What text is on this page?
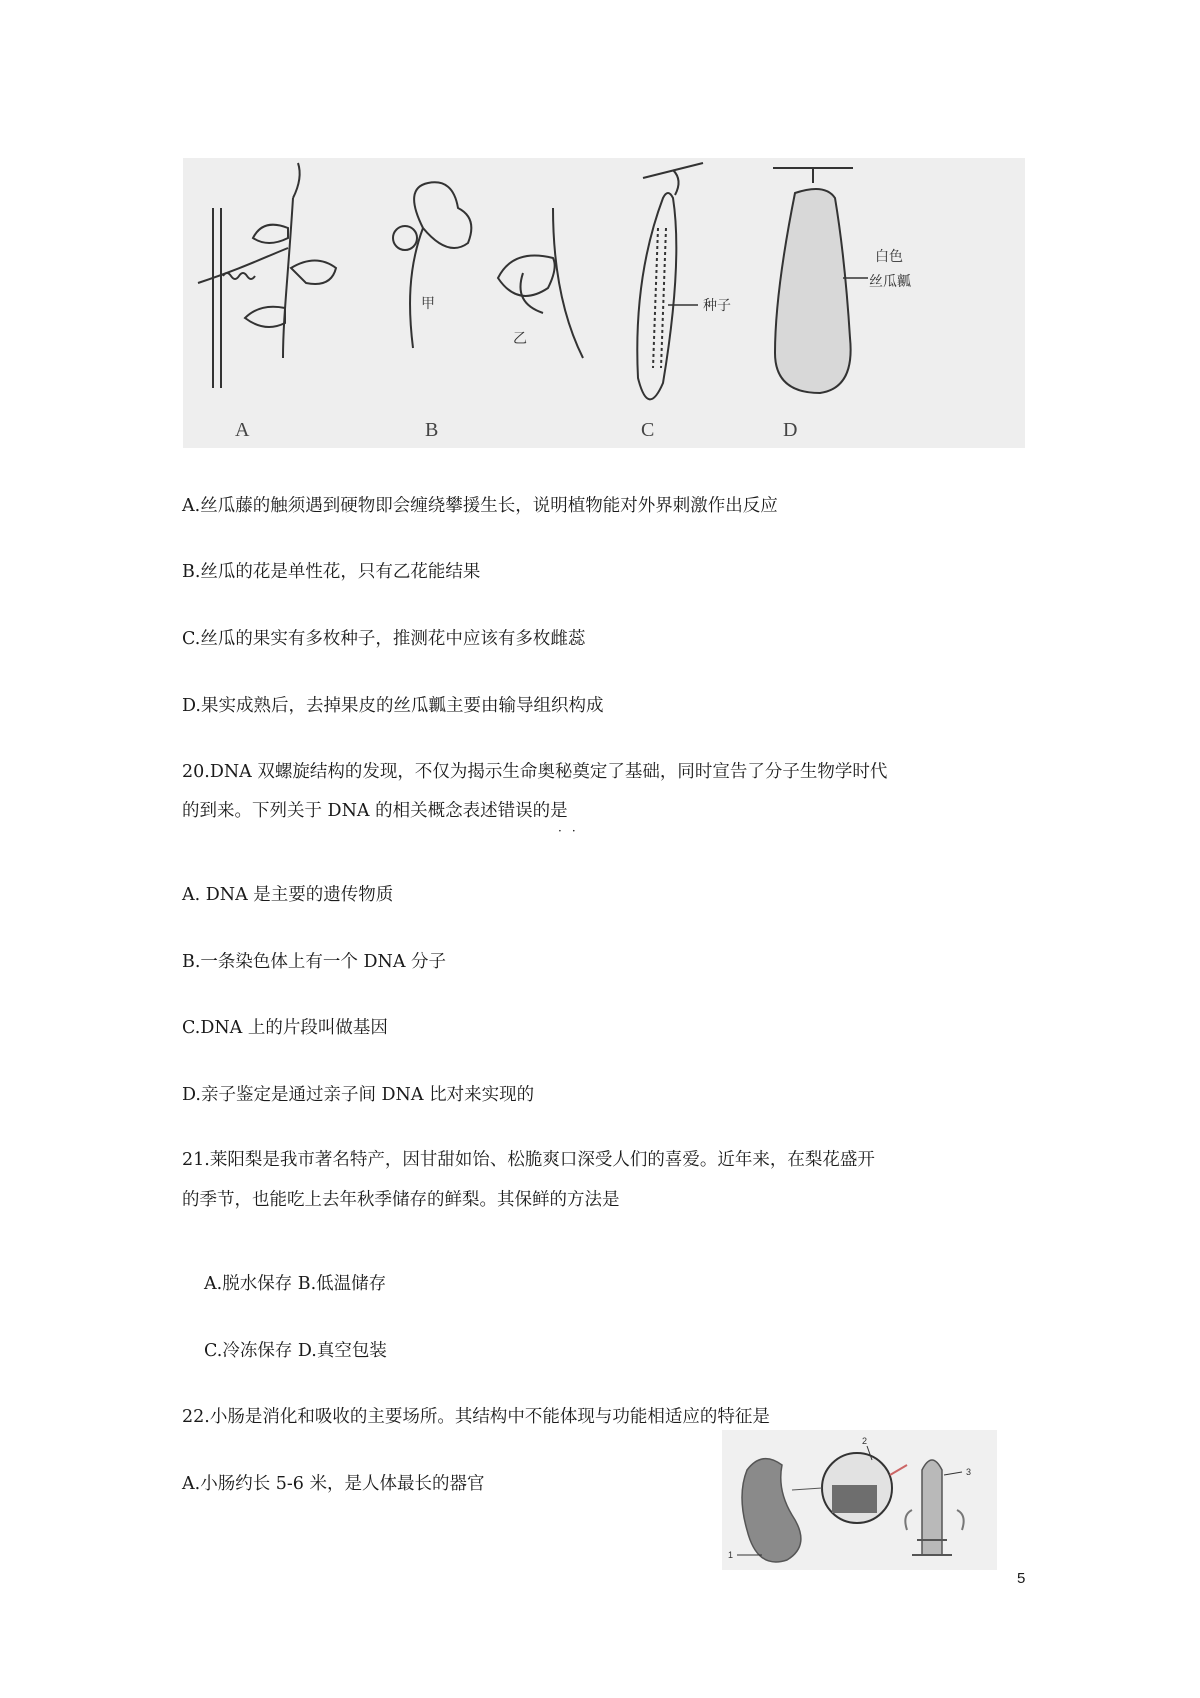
甲
乙
种子
白色
丝瓜瓤
A	B	C	D

A.丝瓜藤的触须遇到硬物即会缠绕攀援生长，说明植物能对外界刺激作出反应

B.丝瓜的花是单性花，只有乙花能结果

C.丝瓜的果实有多枚种子，推测花中应该有多枚雌蕊

D.果实成熟后，去掉果皮的丝瓜瓤主要由输导组织构成

20.DNA 双螺旋结构的发现，不仅为揭示生命奥秘奠定了基础，同时宣告了分子生物学时代

的到来。下列关于 DNA 的相关概念表述错误的是

··

A. DNA 是主要的遗传物质

B.一条染色体上有一个 DNA 分子

C.DNA 上的片段叫做基因

D.亲子鉴定是通过亲子间 DNA 比对来实现的

21.莱阳梨是我市著名特产，因甘甜如饴、松脆爽口深受人们的喜爱。近年来，在梨花盛开

的季节，也能吃上去年秋季储存的鲜梨。其保鲜的方法是

A.脱水保存 B.低温储存

C.冷冻保存 D.真空包装

22.小肠是消化和吸收的主要场所。其结构中不能体现与功能相适应的特征是

A.小肠约长 5-6 米，是人体最长的器官

1
2
3
5
